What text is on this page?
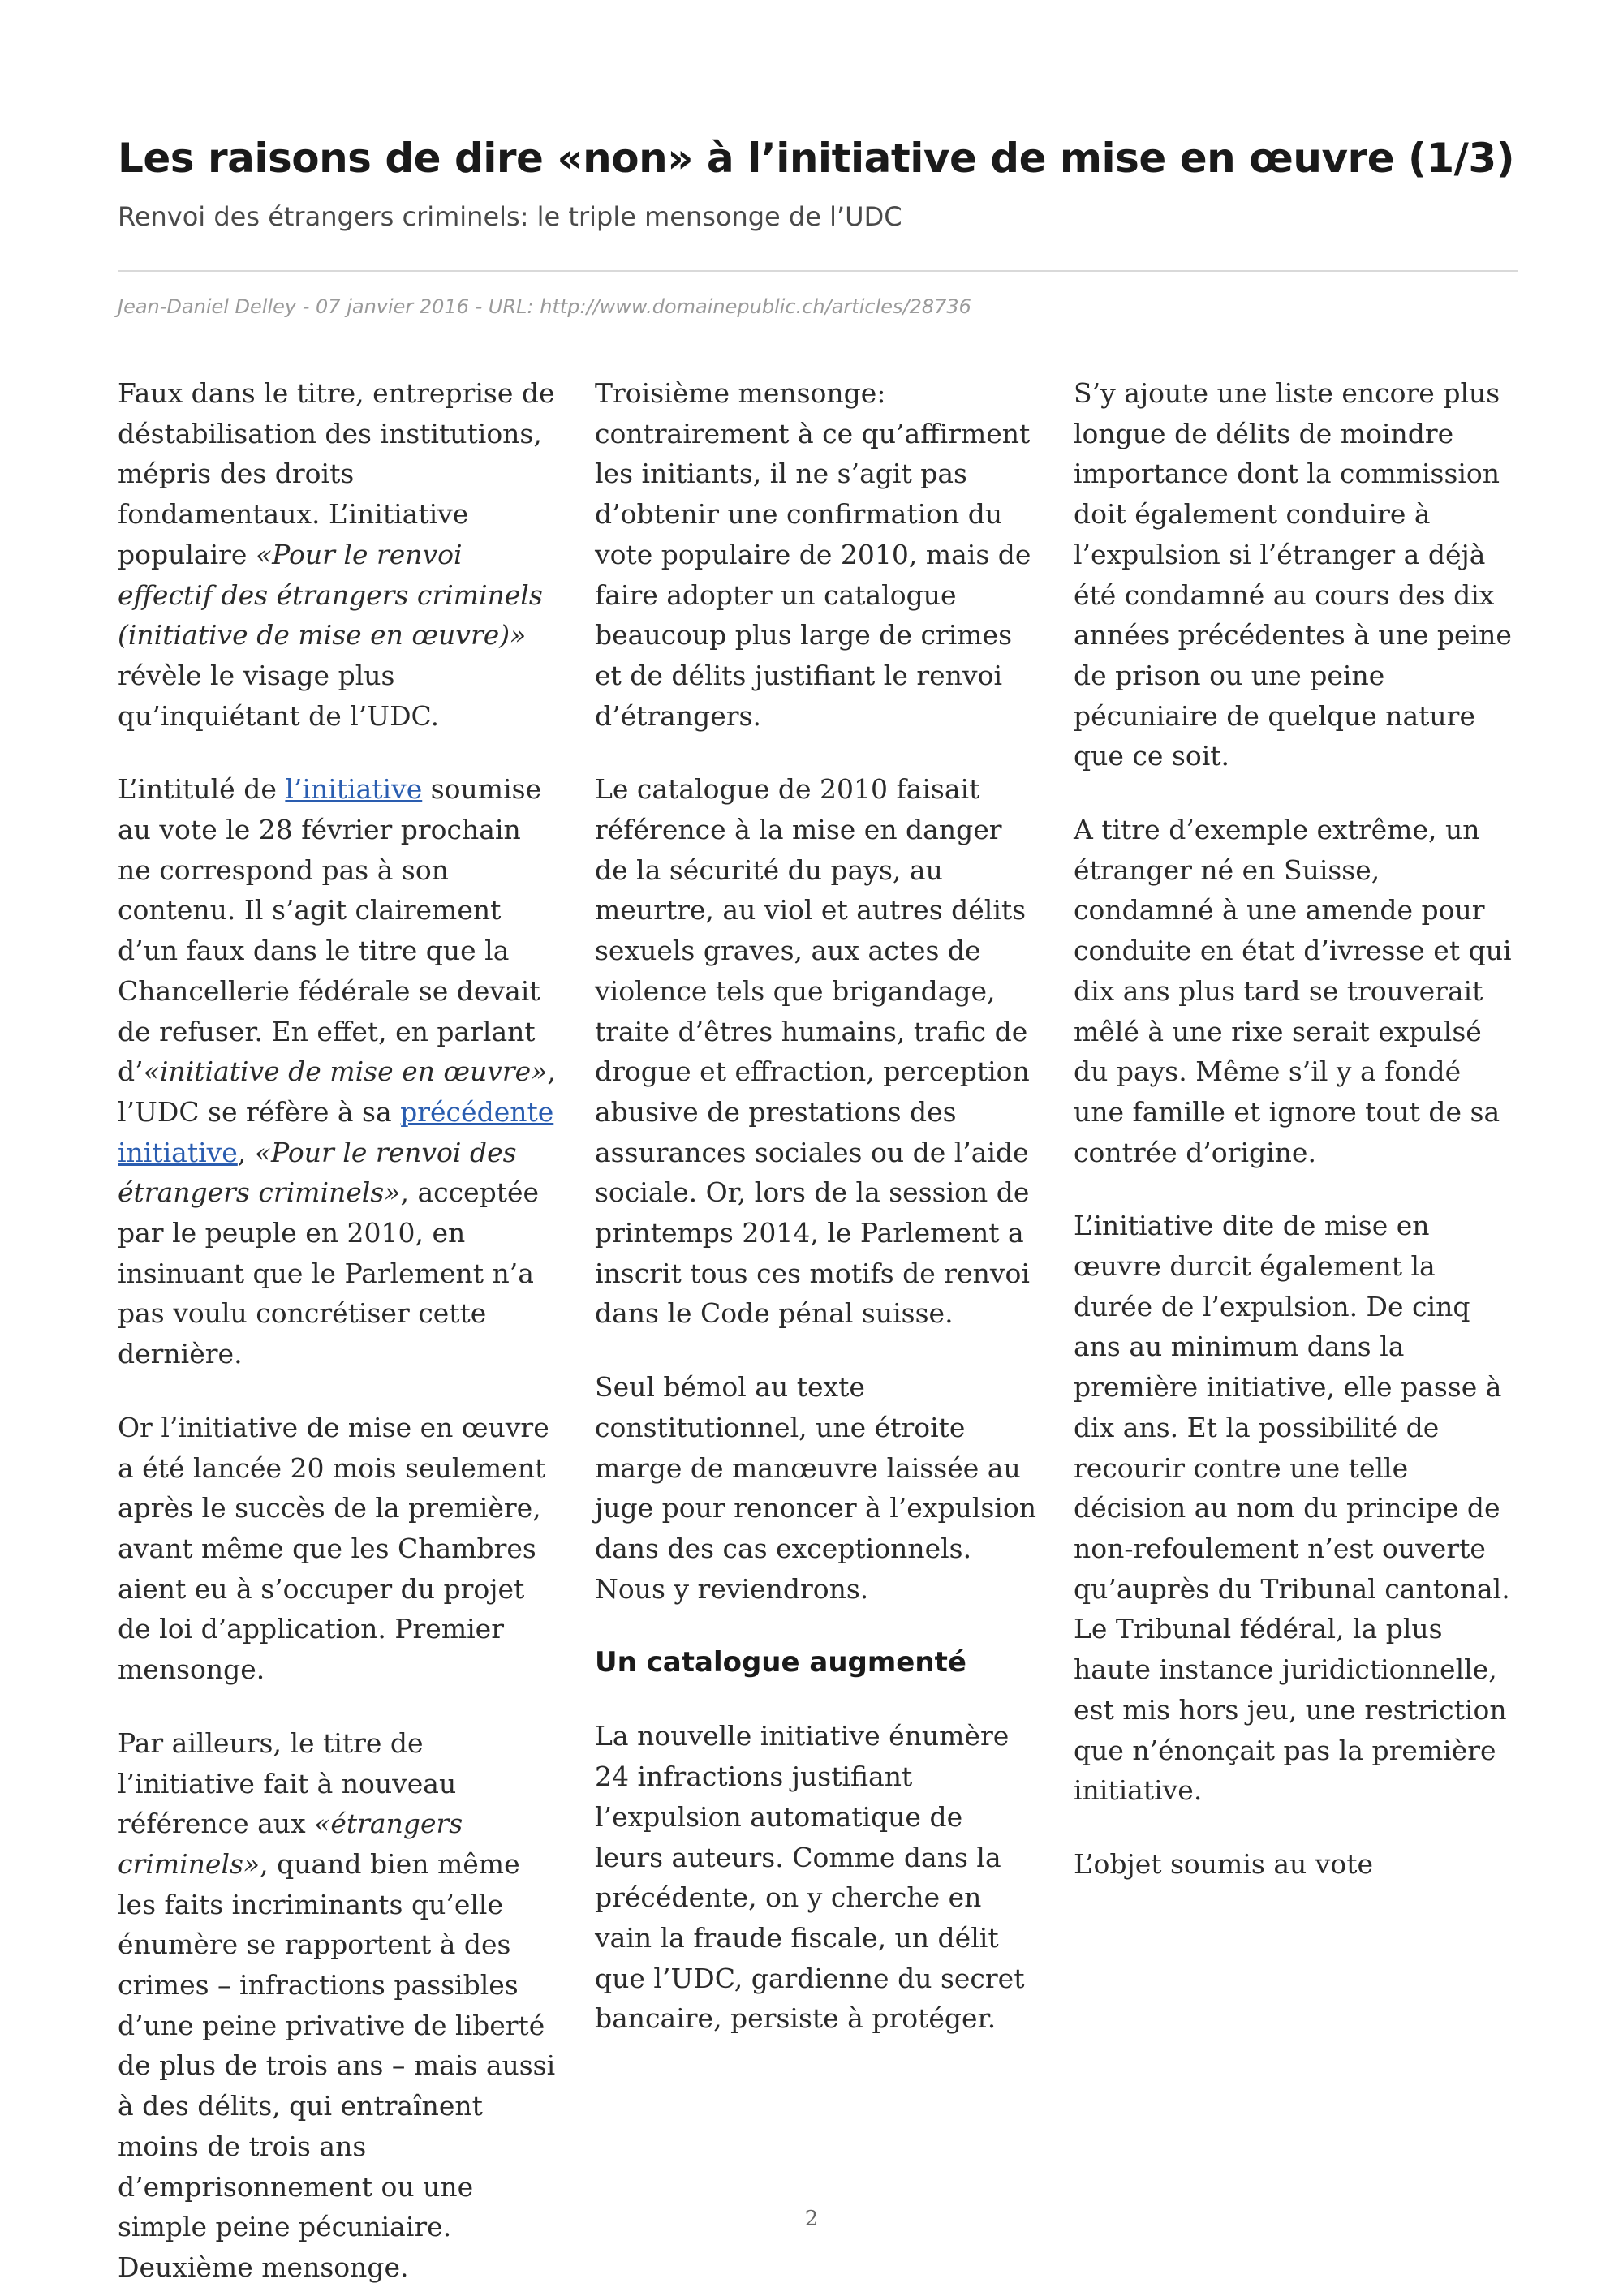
Les raisons de dire «non» à l’initiative de mise en œuvre (1/3)
Renvoi des étrangers criminels: le triple mensonge de l’UDC
Jean-Daniel Delley - 07 janvier 2016 - URL: http://www.domainepublic.ch/articles/28736

Faux dans le titre, entreprise de déstabilisation des institutions, mépris des droits fondamentaux. L’initiative populaire «Pour le renvoi effectif des étrangers criminels (initiative de mise en œuvre)» révèle le visage plus qu’inquiétant de l’UDC.

L’intitulé de l’initiative soumise au vote le 28 février prochain ne correspond pas à son contenu. Il s’agit clairement d’un faux dans le titre que la Chancellerie fédérale se devait de refuser. En effet, en parlant d’«initiative de mise en œuvre», l’UDC se réfère à sa précédente initiative, «Pour le renvoi des étrangers criminels», acceptée par le peuple en 2010, en insinuant que le Parlement n’a pas voulu concrétiser cette dernière.

Or l’initiative de mise en œuvre a été lancée 20 mois seulement après le succès de la première, avant même que les Chambres aient eu à s’occuper du projet de loi d’application. Premier mensonge.

Par ailleurs, le titre de l’initiative fait à nouveau référence aux «étrangers criminels», quand bien même les faits incriminants qu’elle énumère se rapportent à des crimes – infractions passibles d’une peine privative de liberté de plus de trois ans – mais aussi à des délits, qui entraînent moins de trois ans d’emprisonnement ou une simple peine pécuniaire. Deuxième mensonge.

Troisième mensonge: contrairement à ce qu’affirment les initiants, il ne s’agit pas d’obtenir une confirmation du vote populaire de 2010, mais de faire adopter un catalogue beaucoup plus large de crimes et de délits justifiant le renvoi d’étrangers.

Le catalogue de 2010 faisait référence à la mise en danger de la sécurité du pays, au meurtre, au viol et autres délits sexuels graves, aux actes de violence tels que brigandage, traite d’êtres humains, trafic de drogue et effraction, perception abusive de prestations des assurances sociales ou de l’aide sociale. Or, lors de la session de printemps 2014, le Parlement a inscrit tous ces motifs de renvoi dans le Code pénal suisse.

Seul bémol au texte constitutionnel, une étroite marge de manœuvre laissée au juge pour renoncer à l’expulsion dans des cas exceptionnels. Nous y reviendrons.

Un catalogue augmenté

La nouvelle initiative énumère 24 infractions justifiant l’expulsion automatique de leurs auteurs. Comme dans la précédente, on y cherche en vain la fraude fiscale, un délit que l’UDC, gardienne du secret bancaire, persiste à protéger.

S’y ajoute une liste encore plus longue de délits de moindre importance dont la commission doit également conduire à l’expulsion si l’étranger a déjà été condamné au cours des dix années précédentes à une peine de prison ou une peine pécuniaire de quelque nature que ce soit.

A titre d’exemple extrême, un étranger né en Suisse, condamné à une amende pour conduite en état d’ivresse et qui dix ans plus tard se trouverait mêlé à une rixe serait expulsé du pays. Même s’il y a fondé une famille et ignore tout de sa contrée d’origine.

L’initiative dite de mise en œuvre durcit également la durée de l’expulsion. De cinq ans au minimum dans la première initiative, elle passe à dix ans. Et la possibilité de recourir contre une telle décision au nom du principe de non-refoulement n’est ouverte qu’auprès du Tribunal cantonal. Le Tribunal fédéral, la plus haute instance juridictionnelle, est mis hors jeu, une restriction que n’énonçait pas la première initiative.

L’objet soumis au vote

2
